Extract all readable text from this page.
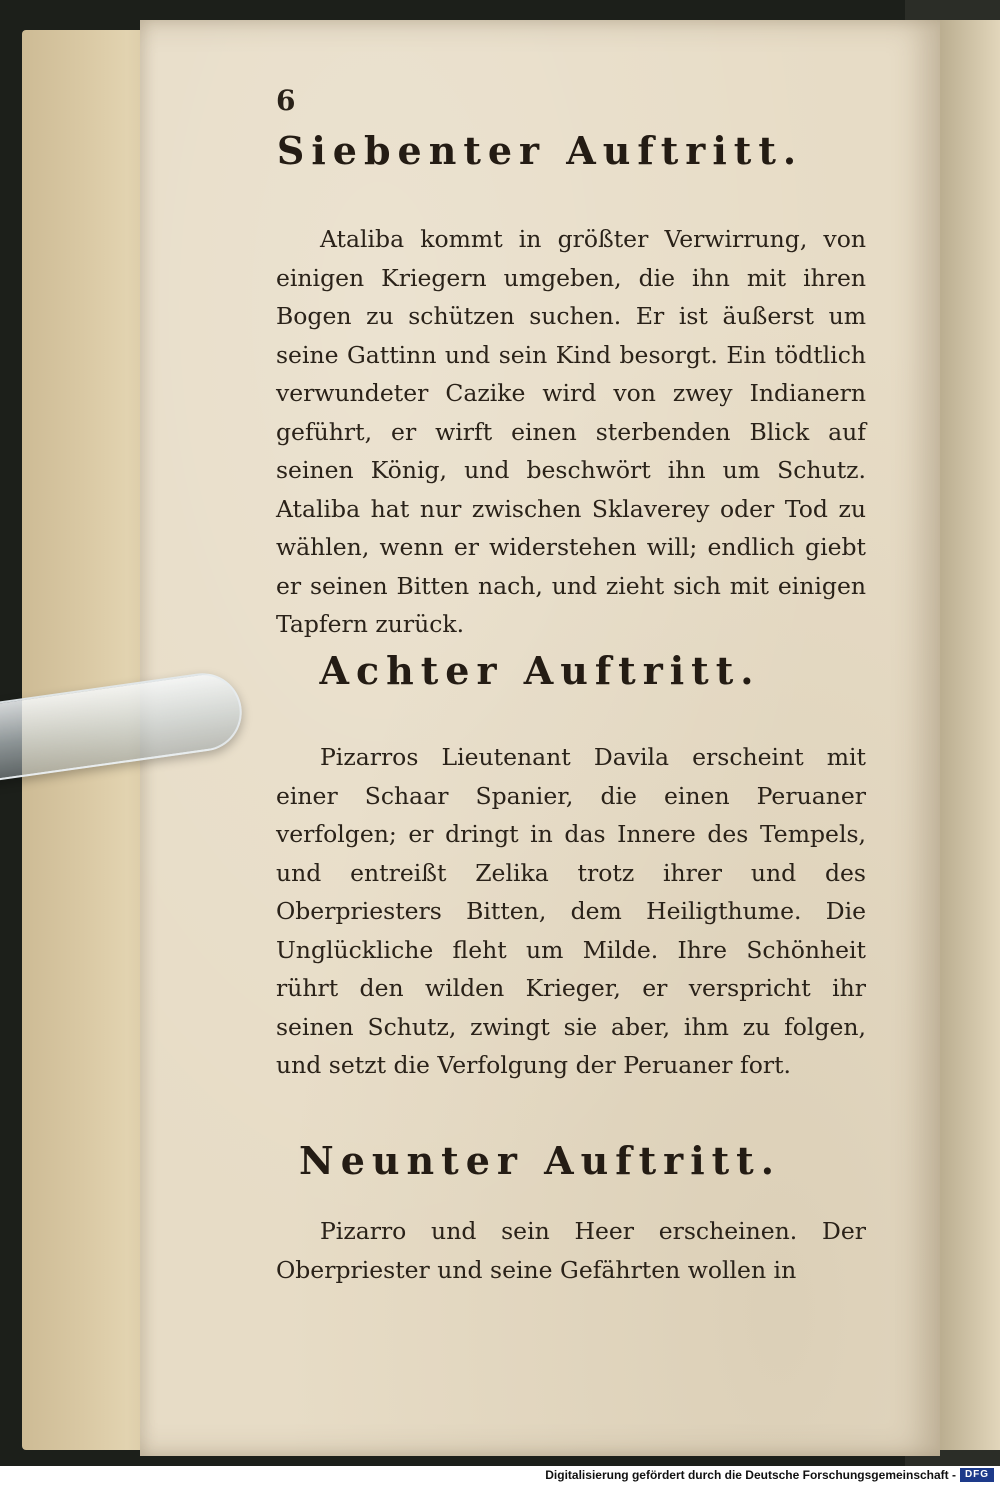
6
Siebenter Auftritt.
Ataliba kommt in größter Verwirrung, von einigen Kriegern umgeben, die ihn mit ihren Bogen zu schützen suchen. Er ist äußerst um seine Gattinn und sein Kind besorgt. Ein tödtlich verwundeter Cazike wird von zwey Indianern geführt, er wirft einen sterbenden Blick auf seinen König, und beschwört ihn um Schutz. Ataliba hat nur zwischen Sklaverey oder Tod zu wählen, wenn er widerstehen will; endlich giebt er seinen Bitten nach, und zieht sich mit einigen Tapfern zurück.
Achter Auftritt.
Pizarros Lieutenant Davila erscheint mit einer Schaar Spanier, die einen Peruaner verfolgen; er dringt in das Innere des Tempels, und entreißt Zelika trotz ihrer und des Oberpriesters Bitten, dem Heiligthume. Die Unglückliche fleht um Milde. Ihre Schönheit rührt den wilden Krieger, er verspricht ihr seinen Schutz, zwingt sie aber, ihm zu folgen, und setzt die Verfolgung der Peruaner fort.
Neunter Auftritt.
Pizarro und sein Heer erscheinen. Der Oberpriester und seine Gefährten wollen in
Digitalisierung gefördert durch die Deutsche Forschungsgemeinschaft - DFG
